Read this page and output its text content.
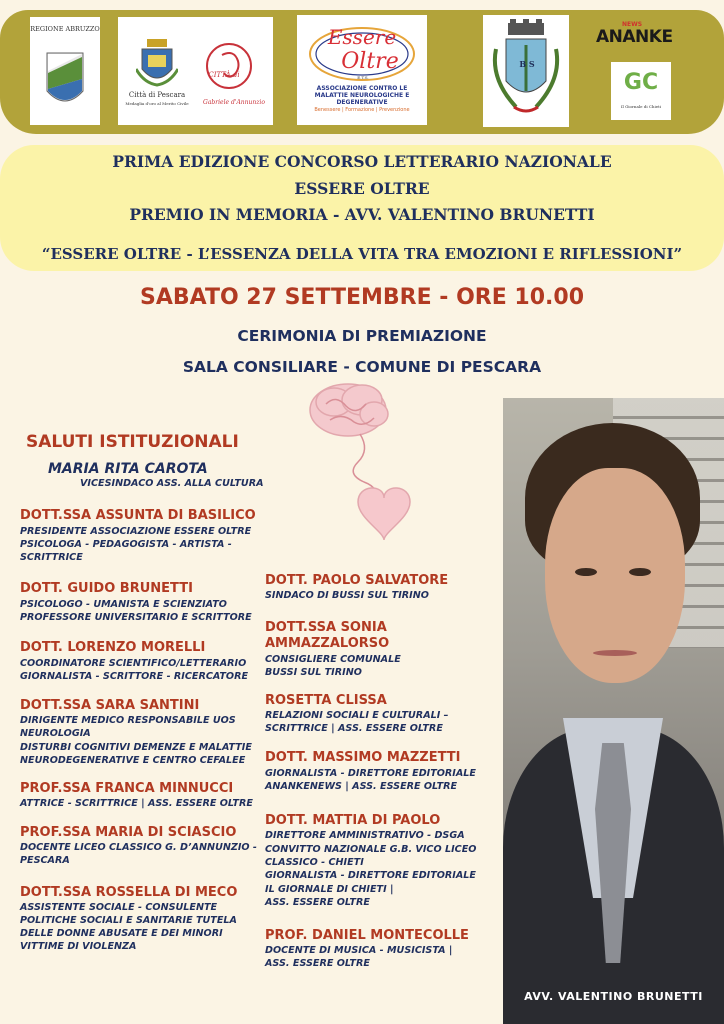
REGIONE ABRUZZO
Città di Pescara
Medaglia d'oro al Merito Civile
CITTÀ di
Gabriele d'Annunzio
Essere
Oltre
E.T.S.
ASSOCIAZIONE CONTRO LE MALATTIE NEUROLOGICHE E DEGENERATIVE
Benessere | Formazione | Prevenzione
B S
NEWS
ANANKE
GC
Il Giornale di Chieti
PRIMA EDIZIONE CONCORSO LETTERARIO NAZIONALE
ESSERE OLTRE
PREMIO IN MEMORIA - AVV. VALENTINO BRUNETTI
“ESSERE OLTRE - L’ESSENZA DELLA VITA TRA EMOZIONI E RIFLESSIONI”
SABATO 27 SETTEMBRE - ORE 10.00
CERIMONIA DI PREMIAZIONE
SALA CONSILIARE - COMUNE DI PESCARA
SALUTI ISTITUZIONALI
MARIA RITA CAROTA
VICESINDACO ASS. ALLA CULTURA
DOTT.SSA ASSUNTA DI BASILICO
PRESIDENTE ASSOCIAZIONE ESSERE OLTRE
PSICOLOGA - PEDAGOGISTA - ARTISTA -
SCRITTRICE
DOTT. GUIDO BRUNETTI
PSICOLOGO - UMANISTA E SCIENZIATO
PROFESSORE UNIVERSITARIO E SCRITTORE
DOTT. LORENZO MORELLI
COORDINATORE SCIENTIFICO/LETTERARIO
GIORNALISTA - SCRITTORE - RICERCATORE
DOTT.SSA SARA SANTINI
DIRIGENTE MEDICO RESPONSABILE UOS
NEUROLOGIA
DISTURBI COGNITIVI DEMENZE E MALATTIE
NEURODEGENERATIVE E CENTRO CEFALEE
PROF.SSA FRANCA MINNUCCI
ATTRICE - SCRITTRICE | ASS. ESSERE OLTRE
PROF.SSA MARIA DI SCIASCIO
DOCENTE LICEO CLASSICO G. D’ANNUNZIO -
PESCARA
DOTT.SSA ROSSELLA DI MECO
ASSISTENTE SOCIALE - CONSULENTE
POLITICHE SOCIALI E SANITARIE TUTELA
DELLE DONNE ABUSATE E DEI MINORI
VITTIME DI VIOLENZA
DOTT. PAOLO SALVATORE
SINDACO DI BUSSI SUL TIRINO
DOTT.SSA SONIA
AMMAZZALORSO
CONSIGLIERE COMUNALE
BUSSI SUL TIRINO
ROSETTA CLISSA
RELAZIONI SOCIALI E CULTURALI –
SCRITTRICE | ASS. ESSERE OLTRE
DOTT. MASSIMO MAZZETTI
GIORNALISTA - DIRETTORE EDITORIALE
ANANKENEWS | ASS. ESSERE OLTRE
DOTT. MATTIA DI PAOLO
DIRETTORE AMMINISTRATIVO - DSGA
CONVITTO NAZIONALE G.B. VICO LICEO
CLASSICO - CHIETI
GIORNALISTA - DIRETTORE EDITORIALE
IL GIORNALE DI CHIETI |
ASS. ESSERE OLTRE
PROF. DANIEL MONTECOLLE
DOCENTE DI MUSICA - MUSICISTA |
ASS. ESSERE OLTRE
AVV. VALENTINO BRUNETTI
